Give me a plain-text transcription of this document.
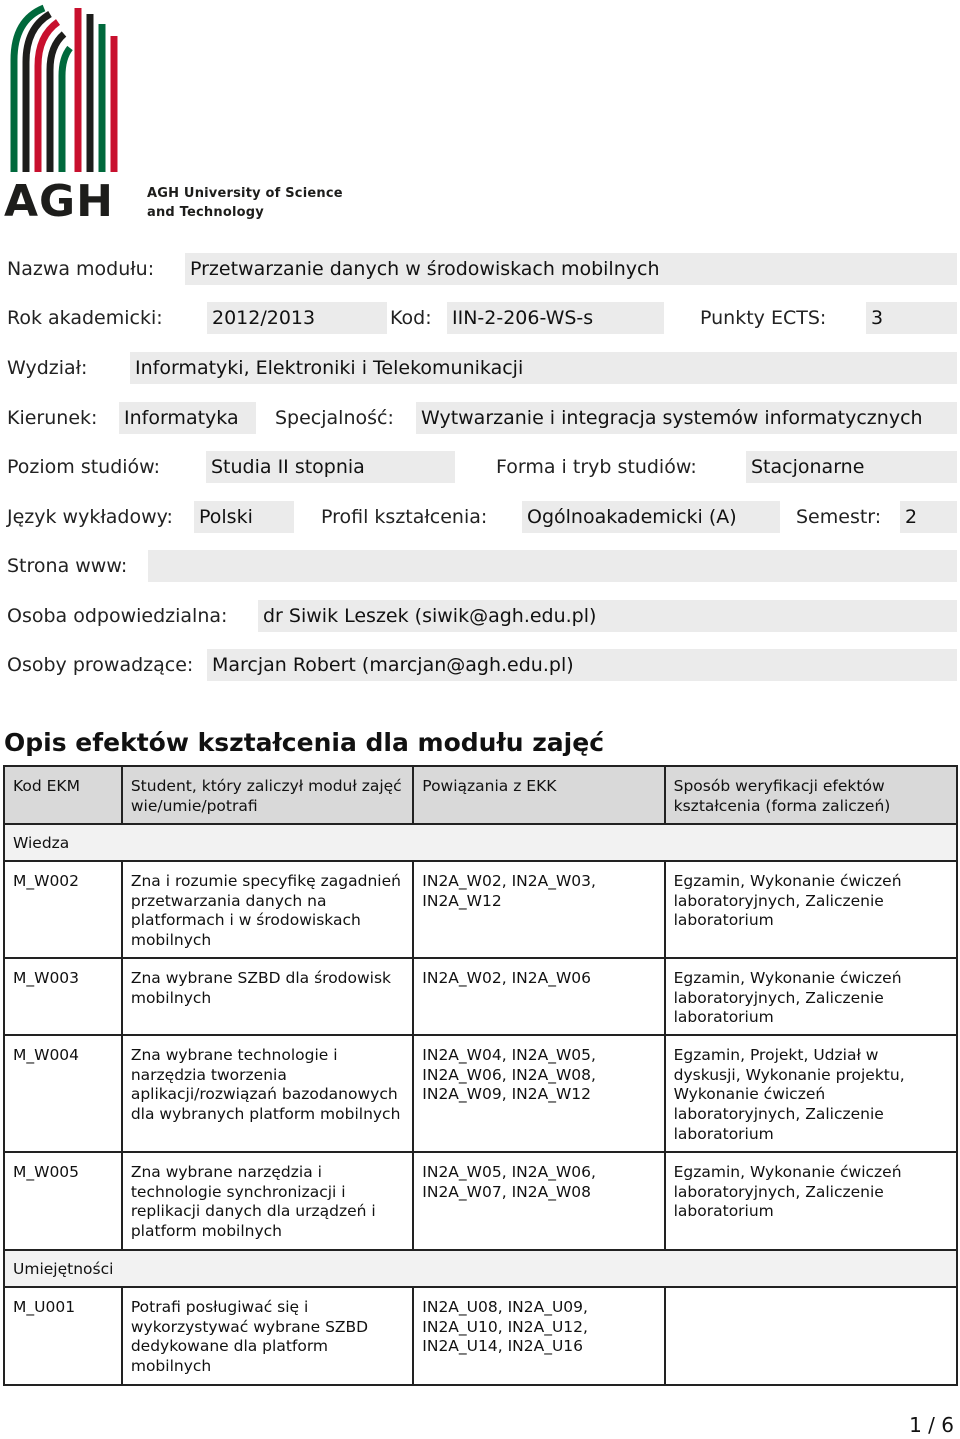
AGH	AGH University of Science
and Technology
Nazwa modułu: Przetwarzanie danych w środowiskach mobilnych
Rok akademicki:	2012/2013	Kod: IIN-2-206-WS-s	Punkty ECTS: 3
Wydział:	Informatyki, Elektroniki i Telekomunikacji
Kierunek: Informatyka	Specjalność: Wytwarzanie i integracja systemów informatycznych
Poziom studiów:	Studia II stopnia	Forma i tryb studiów:	Stacjonarne
Język wykładowy: Polski	Profil kształcenia: Ogólnoakademicki (A)	Semestr: 2
Strona www:
Osoba odpowiedzialna: dr Siwik Leszek (siwik@agh.edu.pl)
Osoby prowadzące: Marcjan Robert (marcjan@agh.edu.pl)
Opis efektów kształcenia dla modułu zajęć
Kod EKM	Student, który zaliczył moduł zajęć wie/umie/potrafi	Powiązania z EKK	Sposób weryfikacji efektów kształcenia (forma zaliczeń)
Wiedza			
M_W002	Zna i rozumie specyfikę zagadnień przetwarzania danych na platformach i w środowiskach mobilnych	IN2A_W02, IN2A_W03, IN2A_W12	Egzamin, Wykonanie ćwiczeń laboratoryjnych, Zaliczenie laboratorium
M_W003	Zna wybrane SZBD dla środowisk mobilnych	IN2A_W02, IN2A_W06	Egzamin, Wykonanie ćwiczeń laboratoryjnych, Zaliczenie laboratorium
M_W004	Zna wybrane technologie i narzędzia tworzenia aplikacji/rozwiązań bazodanowych dla wybranych platform mobilnych	IN2A_W04, IN2A_W05, IN2A_W06, IN2A_W08, IN2A_W09, IN2A_W12	Egzamin, Projekt, Udział w dyskusji, Wykonanie projektu, Wykonanie ćwiczeń laboratoryjnych, Zaliczenie laboratorium
M_W005	Zna wybrane narzędzia i technologie synchronizacji i replikacji danych dla urządzeń i platform mobilnych	IN2A_W05, IN2A_W06, IN2A_W07, IN2A_W08	Egzamin, Wykonanie ćwiczeń laboratoryjnych, Zaliczenie laboratorium
Umiejętności			
M_U001	Potrafi posługiwać się i wykorzystywać wybrane SZBD dedykowane dla platform mobilnych	IN2A_U08, IN2A_U09, IN2A_U10, IN2A_U12, IN2A_U14, IN2A_U16	
1 / 6
